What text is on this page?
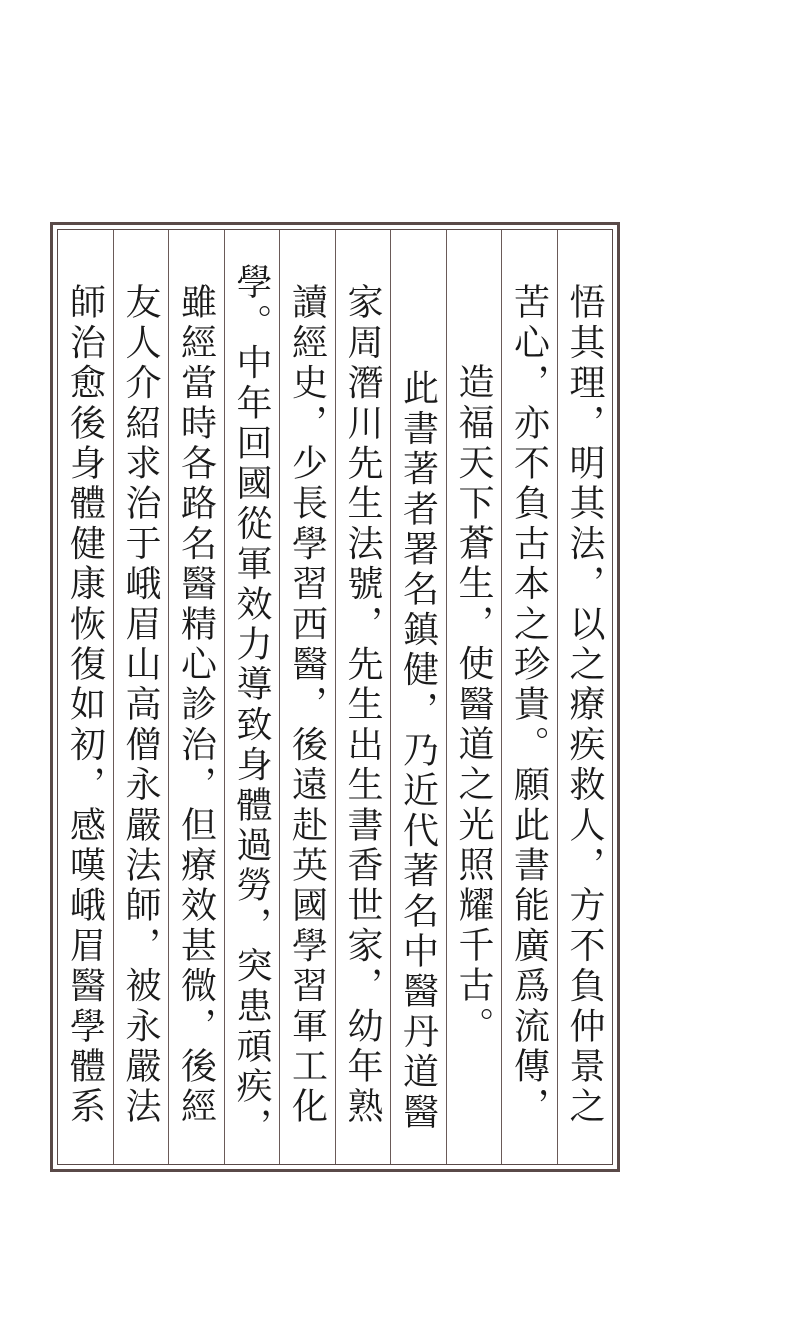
悟其理，明其法，以之療疾救人，方不負仲景之
苦心，亦不負古本之珍貴。願此書能廣爲流傳，
造福天下蒼生，使醫道之光照耀千古。
此書著者署名鎮健，乃近代著名中醫丹道醫
家周潛川先生法號，先生出生書香世家，幼年熟
讀經史，少長學習西醫，後遠赴英國學習軍工化
學。中年回國從軍效力導致身體過勞，突患頑疾，
雖經當時各路名醫精心診治，但療效甚微，後經
友人介紹求治于峨眉山高僧永嚴法師，被永嚴法
師治愈後身體健康恢復如初，感嘆峨眉醫學體系
